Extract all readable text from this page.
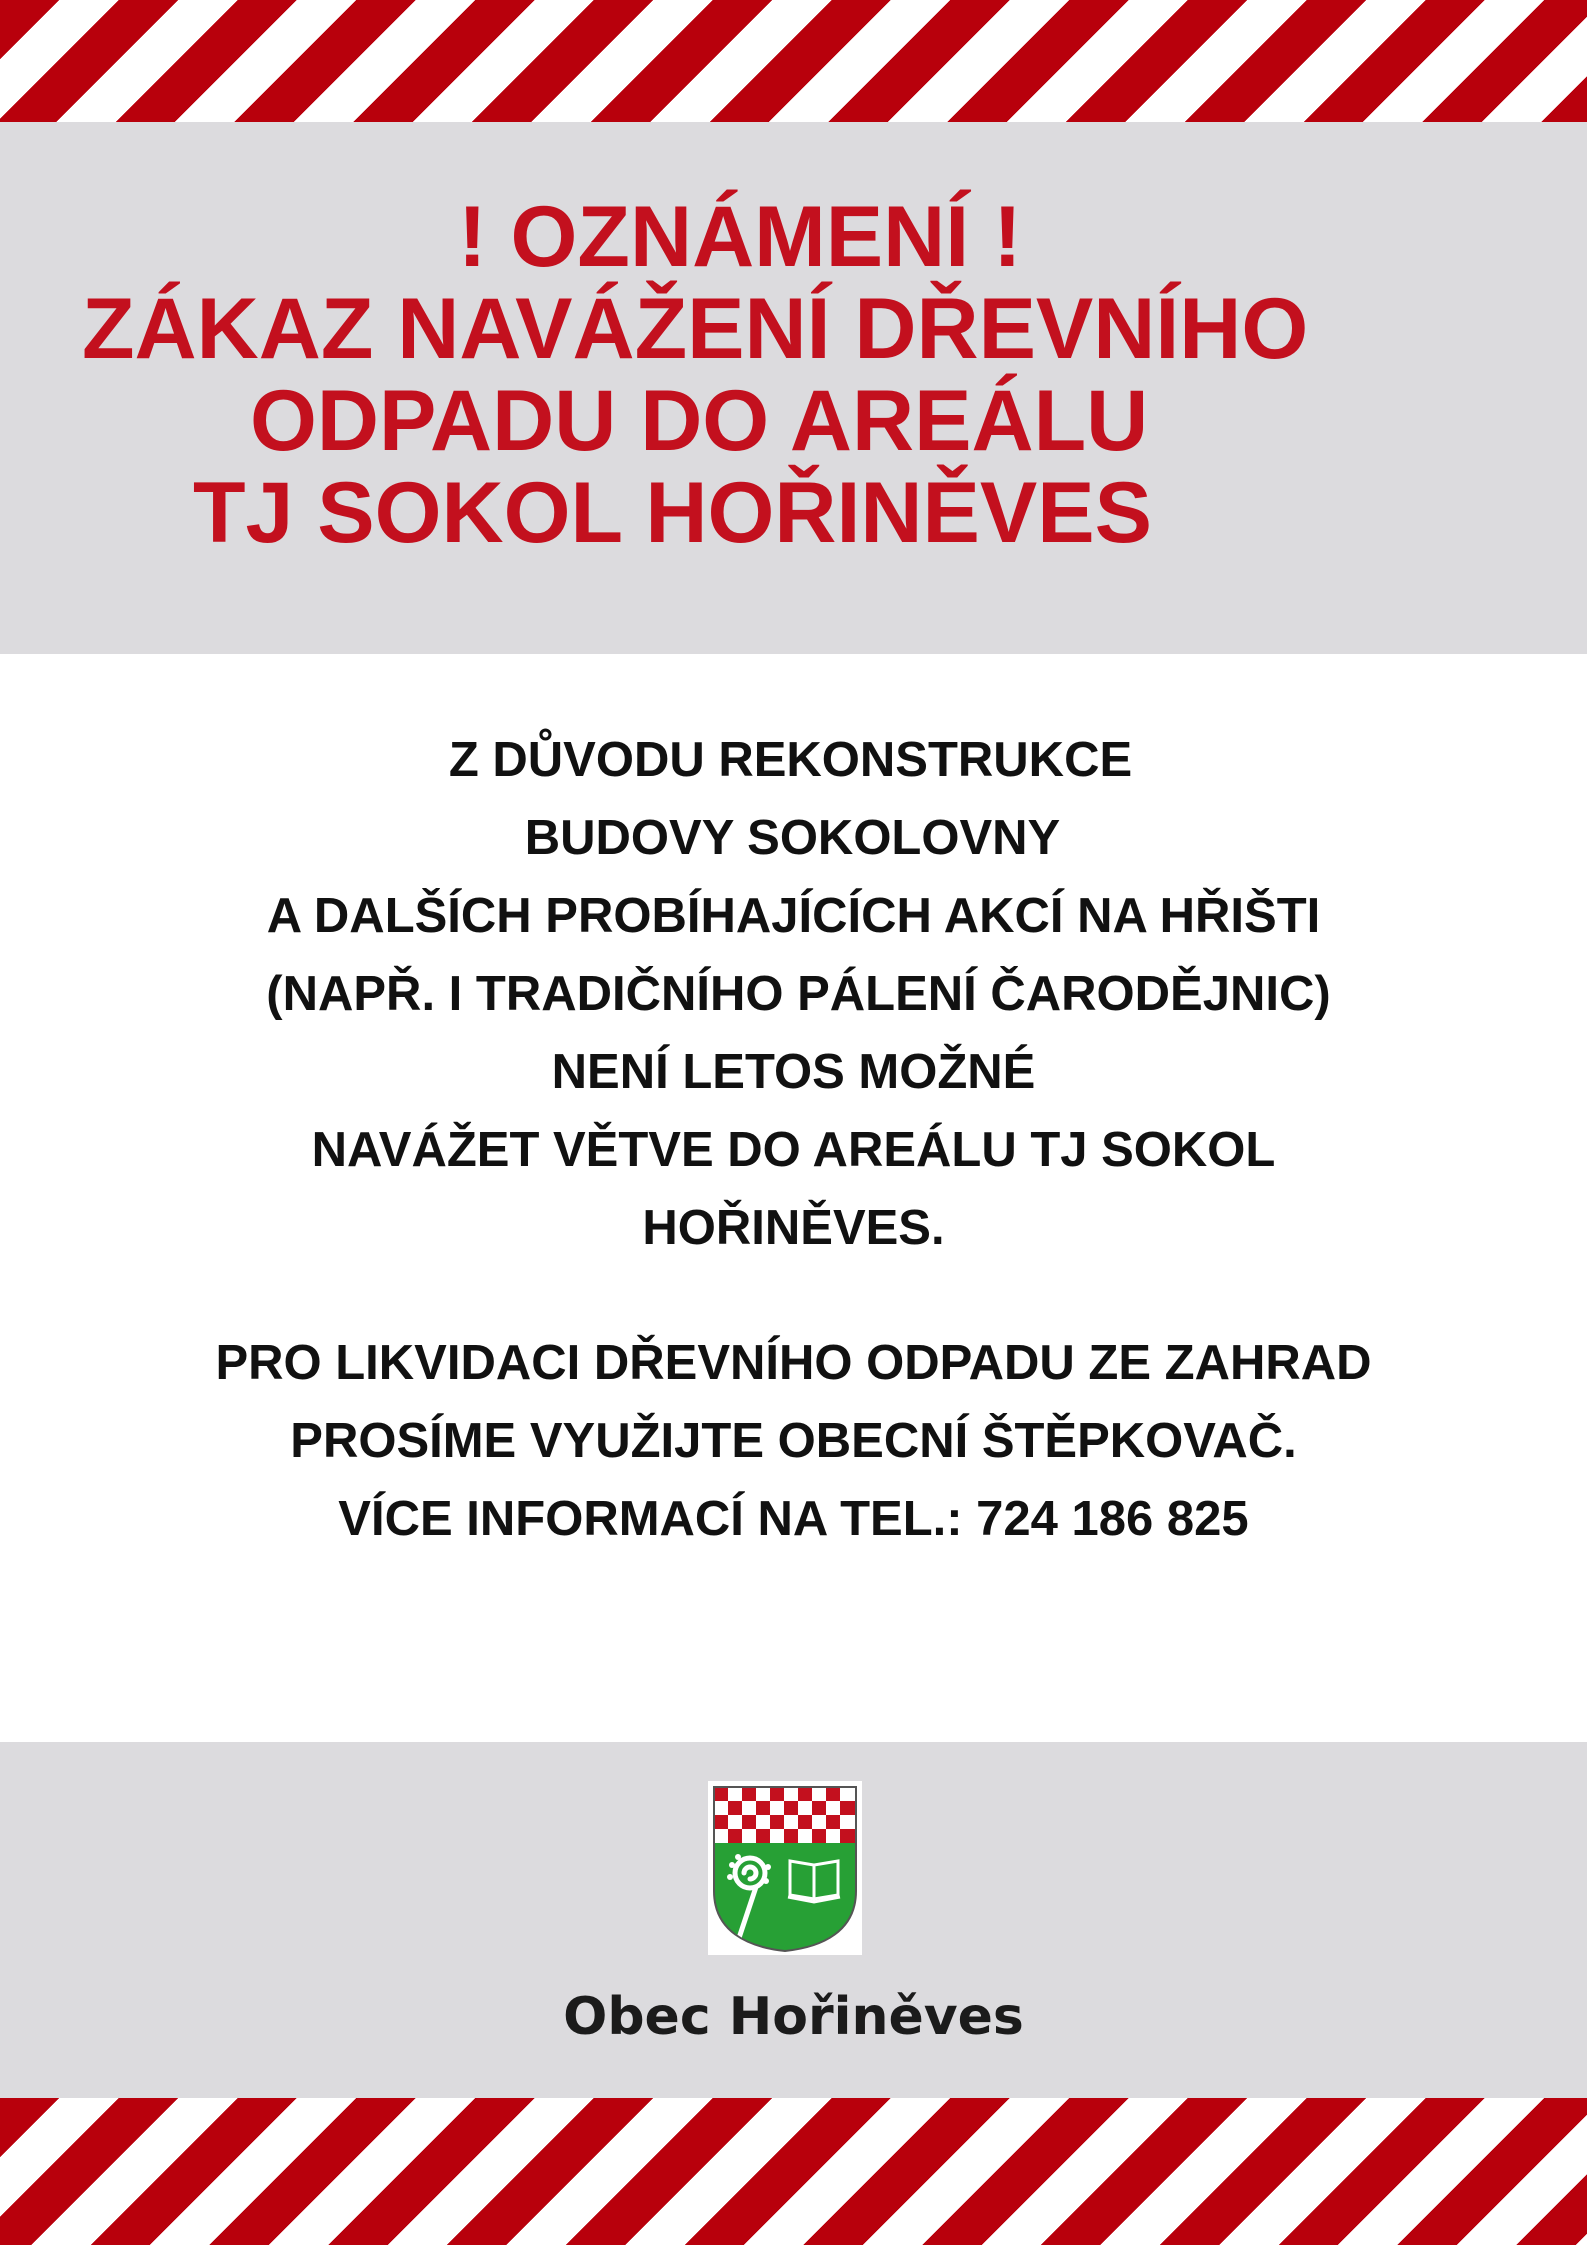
! OZNÁMENÍ !
ZÁKAZ NAVÁŽENÍ DŘEVNÍHO
ODPADU DO AREÁLU
TJ SOKOL HOŘINĚVES
Z DŮVODU REKONSTRUKCE
BUDOVY SOKOLOVNY
A DALŠÍCH PROBÍHAJÍCÍCH AKCÍ NA HŘIŠTI
(NAPŘ. I TRADIČNÍHO PÁLENÍ ČARODĚJNIC)
NENÍ LETOS MOŽNÉ
NAVÁŽET VĚTVE DO AREÁLU TJ SOKOL
HOŘINĚVES.
PRO LIKVIDACI DŘEVNÍHO ODPADU ZE ZAHRAD
PROSÍME VYUŽIJTE OBECNÍ ŠTĚPKOVAČ.
VÍCE INFORMACÍ NA TEL.: 724 186 825
Obec Hořiněves
